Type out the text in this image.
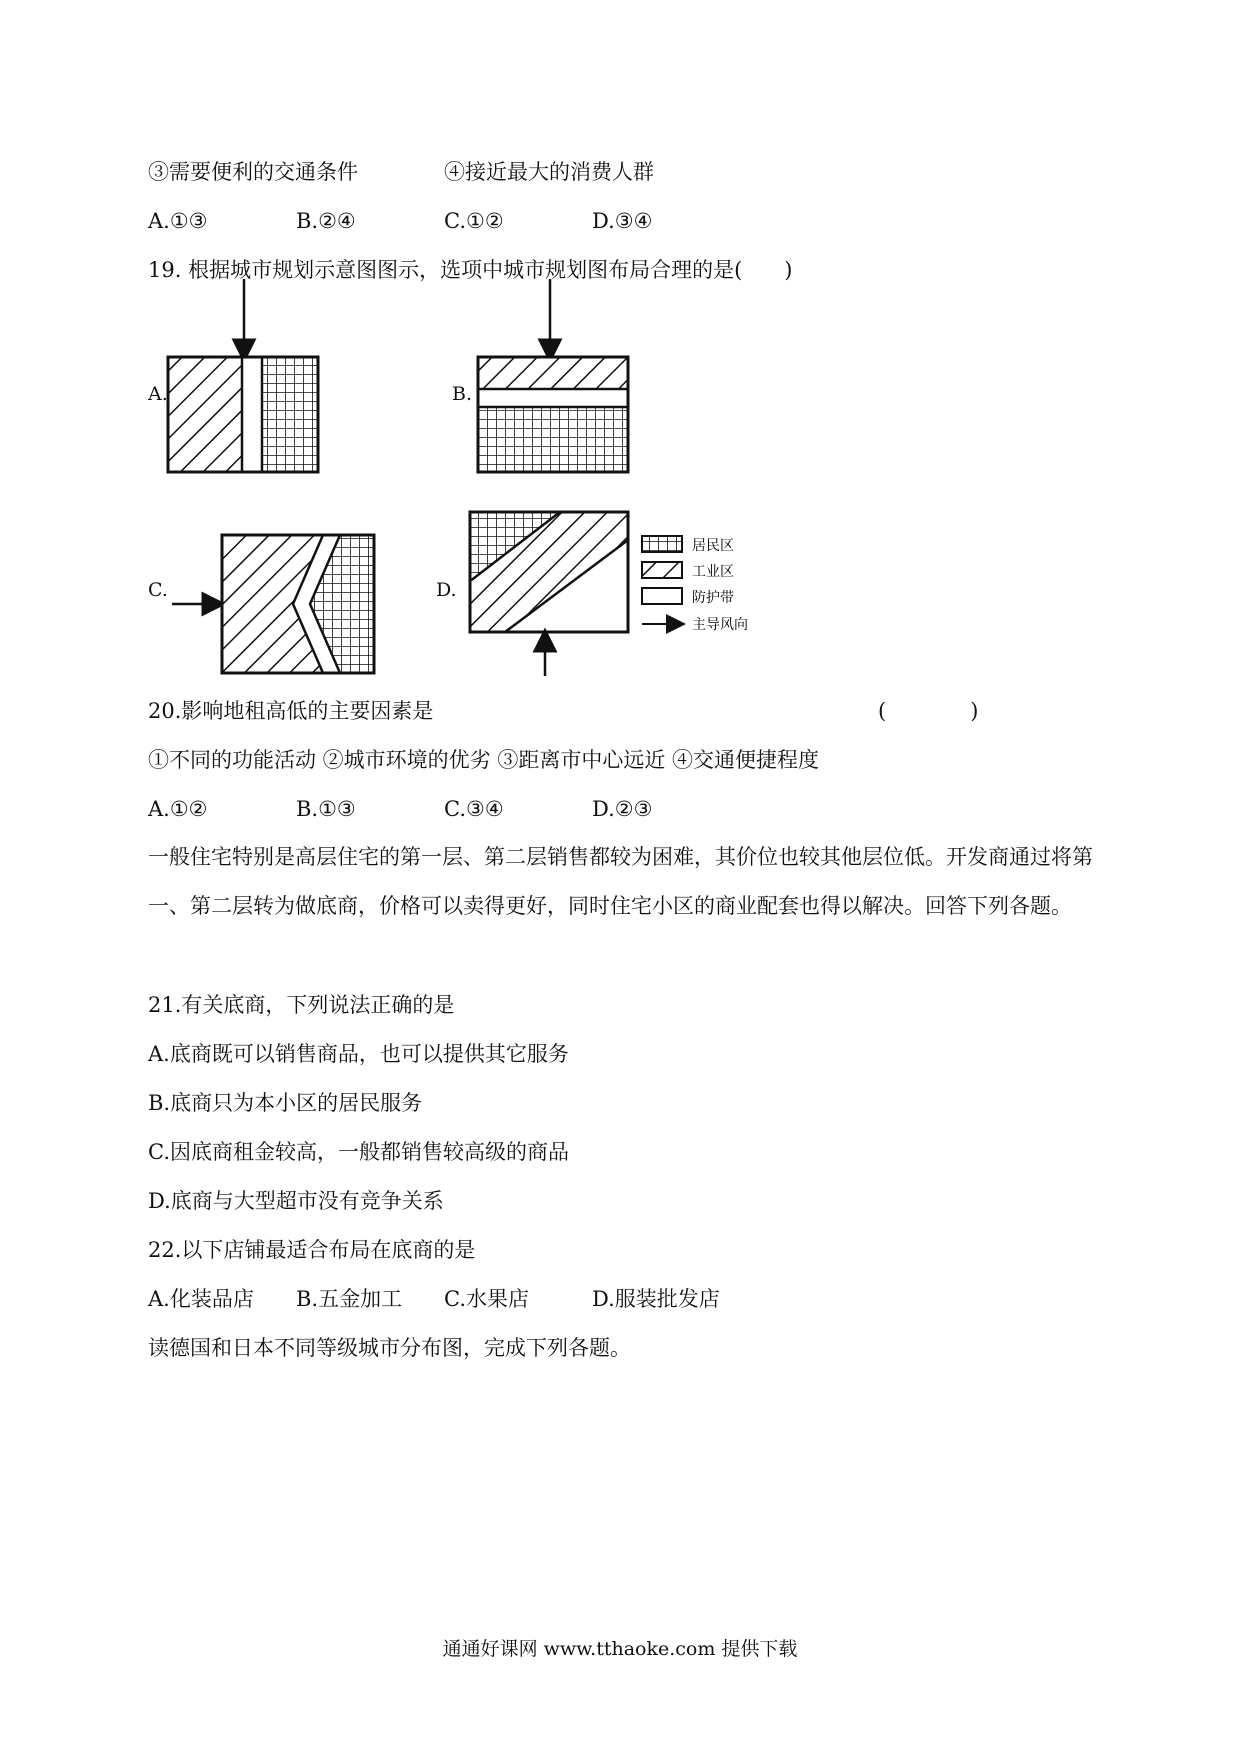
③需要便利的交通条件	④接近最大的消费人群
A.①③	B.②④	C.①②	D.③④
19. 根据城市规划示意图图示，选项中城市规划图布局合理的是(　　)
A.	B.
C.	D.
居民区
工业区
防护带
主导风向
20.影响地租高低的主要因素是	(　　　　)
①不同的功能活动 ②城市环境的优劣 ③距离市中心远近 ④交通便捷程度
A.①②	B.①③	C.③④	D.②③
一般住宅特别是高层住宅的第一层、第二层销售都较为困难，其价位也较其他层位低。开发商通过将第一、第二层转为做底商，价格可以卖得更好，同时住宅小区的商业配套也得以解决。回答下列各题。
21.有关底商，下列说法正确的是
A.底商既可以销售商品，也可以提供其它服务
B.底商只为本小区的居民服务
C.因底商租金较高，一般都销售较高级的商品
D.底商与大型超市没有竞争关系
22.以下店铺最适合布局在底商的是
A.化装品店 B.五金加工 C.水果店	D.服装批发店
读德国和日本不同等级城市分布图，完成下列各题。
通通好课网 www.tthaoke.com 提供下载
